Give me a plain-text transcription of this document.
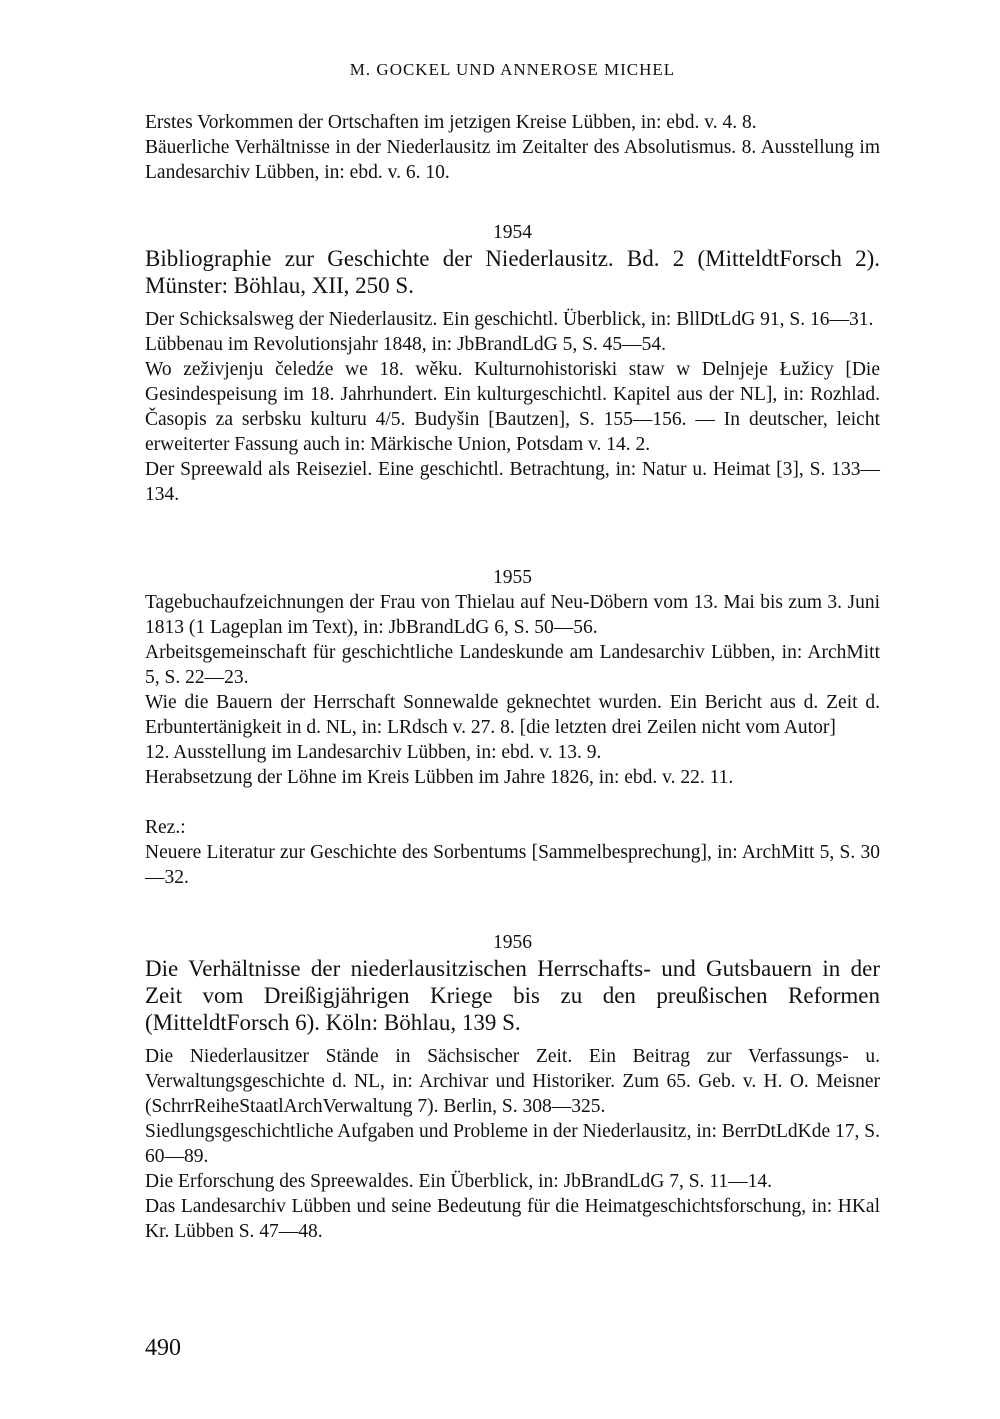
M. GOCKEL UND ANNEROSE MICHEL

Erstes Vorkommen der Ortschaften im jetzigen Kreise Lübben, in: ebd. v. 4. 8.

Bäuerliche Verhältnisse in der Niederlausitz im Zeitalter des Absolutismus. 8. Ausstellung im Landesarchiv Lübben, in: ebd. v. 6. 10.

1954

Bibliographie zur Geschichte der Niederlausitz. Bd. 2 (MitteldtForsch 2). Münster: Böhlau, XII, 250 S.

Der Schicksalsweg der Niederlausitz. Ein geschichtl. Überblick, in: BllDtLdG 91, S. 16—31.

Lübbenau im Revolutionsjahr 1848, in: JbBrandLdG 5, S. 45—54.

Wo zeživjenju čeledźe we 18. wěku. Kulturnohistoriski staw w Delnjeje Łužicy [Die Gesindespeisung im 18. Jahrhundert. Ein kulturgeschichtl. Kapitel aus der NL], in: Rozhlad. Časopis za serbsku kulturu 4/5. Budyšin [Bautzen], S. 155—156. — In deutscher, leicht erweiterter Fassung auch in: Märkische Union, Potsdam v. 14. 2.

Der Spreewald als Reiseziel. Eine geschichtl. Betrachtung, in: Natur u. Heimat [3], S. 133—134.

1955

Tagebuchaufzeichnungen der Frau von Thielau auf Neu-Döbern vom 13. Mai bis zum 3. Juni 1813 (1 Lageplan im Text), in: JbBrandLdG 6, S. 50—56.

Arbeitsgemeinschaft für geschichtliche Landeskunde am Landesarchiv Lübben, in: ArchMitt 5, S. 22—23.

Wie die Bauern der Herrschaft Sonnewalde geknechtet wurden. Ein Bericht aus d. Zeit d. Erbuntertänigkeit in d. NL, in: LRdsch v. 27. 8. [die letzten drei Zeilen nicht vom Autor]

12. Ausstellung im Landesarchiv Lübben, in: ebd. v. 13. 9.

Herabsetzung der Löhne im Kreis Lübben im Jahre 1826, in: ebd. v. 22. 11.

Rez.:

Neuere Literatur zur Geschichte des Sorbentums [Sammelbesprechung], in: ArchMitt 5, S. 30—32.

1956

Die Verhältnisse der niederlausitzischen Herrschafts- und Gutsbauern in der Zeit vom Dreißigjährigen Kriege bis zu den preußischen Reformen (MitteldtForsch 6). Köln: Böhlau, 139 S.

Die Niederlausitzer Stände in Sächsischer Zeit. Ein Beitrag zur Verfassungs- u. Verwaltungsgeschichte d. NL, in: Archivar und Historiker. Zum 65. Geb. v. H. O. Meisner (SchrrReiheStaatlArchVerwaltung 7). Berlin, S. 308—325.

Siedlungsgeschichtliche Aufgaben und Probleme in der Niederlausitz, in: BerrDtLdKde 17, S. 60—89.

Die Erforschung des Spreewaldes. Ein Überblick, in: JbBrandLdG 7, S. 11—14.

Das Landesarchiv Lübben und seine Bedeutung für die Heimatgeschichtsforschung, in: HKal Kr. Lübben S. 47—48.

490
